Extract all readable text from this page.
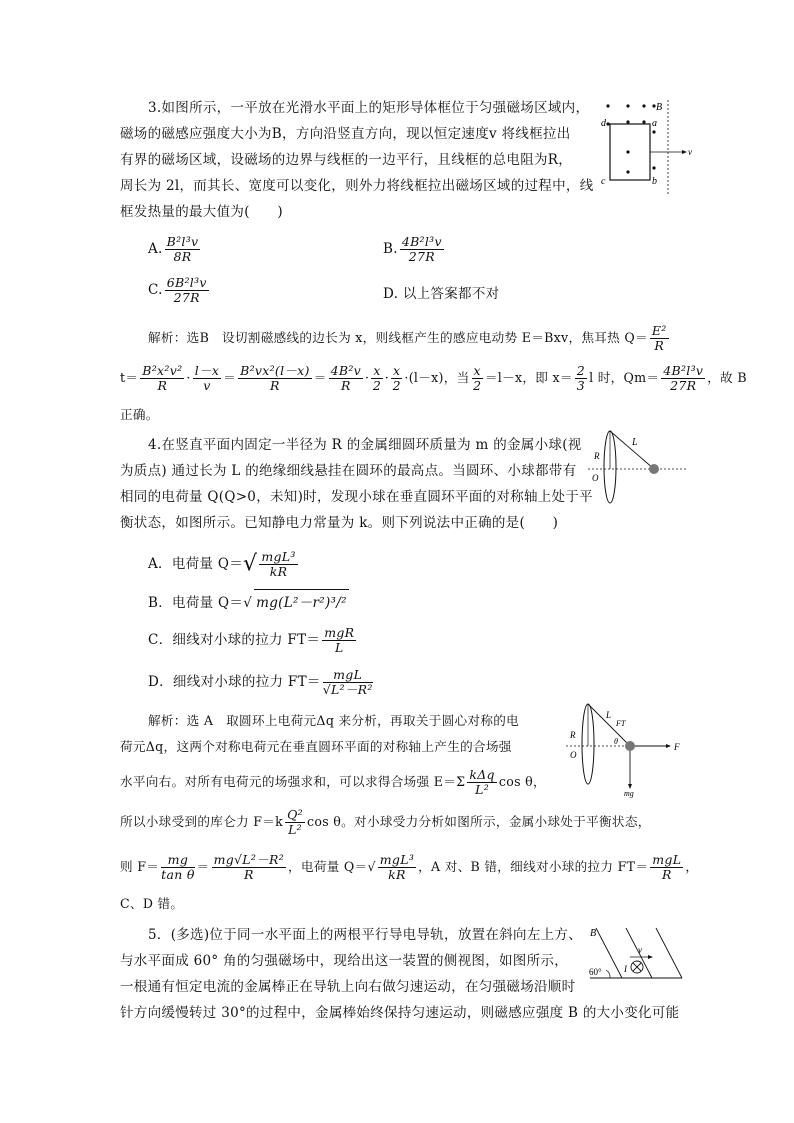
3.如图所示，一平放在光滑水平面上的矩形导体框位于匀强磁场区域内，
磁场的磁感应强度大小为B，方向沿竖直方向，现以恒定速度v 将线框拉出
有界的磁场区域，设磁场的边界与线框的一边平行，且线框的总电阻为R，
周长为 2l，而其长、宽度可以变化，则外力将线框拉出磁场区域的过程中，线
框发热量的最大值为(　　)
B
a
b
c
d
v
A. $\frac{\text{B²l³v}}{8R}$	B. $\frac{\text{4B²l³v}}{27R}$
C. $\frac{\text{6B²l³v}}{27R}$	D. 以上答案都不对
解析：选B　设切割磁感线的边长为 x，则线框产生的感应电动势 E＝Bxv，焦耳热 $Q= \frac{\text{E²}}{R}$
$t= \frac{\text{B²x²v²}}{R} \cdot \frac{l-x}{v} = \frac{\text{B²vx²(l－x)}}{R} = \frac{\text{4B²v}}{R} \cdot \frac{x}{2} \cdot \frac{x}{2} \cdot(l-x)$，当 $\frac{x}{2} =l-x$，即 $x= \frac{2}{3}$ l 时，$Qm= \frac{\text{4B²l³v}}{27R}$ ，故 B
正确。
4.在竖直平面内固定一半径为 R 的金属细圆环质量为 m 的金属小球(视
为质点) 通过长为 L 的绝缘细线悬挂在圆环的最高点。当圆环、小球都带有
相同的电荷量 Q(Q>0，未知)时，发现小球在垂直圆环平面的对称轴上处于平
衡状态，如图所示。已知静电力常量为 k。则下列说法中正确的是(　　)
L
R
O
A．电荷量 $Q=√ \frac{\text{mgL³}}{kR}$
B．电荷量 Q＝√ mg(L²－r²)³/²
C．细线对小球的拉力 $FT= \frac{\text{mgR}}{L}$
D．细线对小球的拉力 $FT= \frac{\text{mgL}}{\text{√L²－R²}}$
解析：选 A　取圆环上电荷元Δq 来分析，再取关于圆心对称的电
荷元Δq，这两个对称电荷元在垂直圆环平面的对称轴上产生的合场强
水平向右。对所有电荷元的场强求和，可以求得合场强 $E=\Sigma \frac{\text{kΔq}}{\text{L²}}$ cos θ，
L
FT
R
O
θ
F
mg
所以小球受到的库仑力 $F=k \frac{\text{Q²}}{\text{L²}}$ cos θ。对小球受力分析如图所示，金属小球处于平衡状态，
则 $F= \frac{mg}{\text{tan θ}} = \frac{\text{mg√L²－R²}}{R}$ ，电荷量 $Q=√ \frac{\text{mgL³}}{kR}$ ，A 对、B 错，细线对小球的拉力 $FT= \frac{\text{mgL}}{R}$ ，
C、D 错。
5．(多选)位于同一水平面上的两根平行导电导轨，放置在斜向左上方、
与水平面成 60° 角的匀强磁场中，现给出这一装置的侧视图，如图所示，
一根通有恒定电流的金属棒正在导轨上向右做匀速运动，在匀强磁场沿顺时
针方向缓慢转过 30°的过程中，金属棒始终保持匀速运动，则磁感应强度 B 的大小变化可能
B
v
60° I
